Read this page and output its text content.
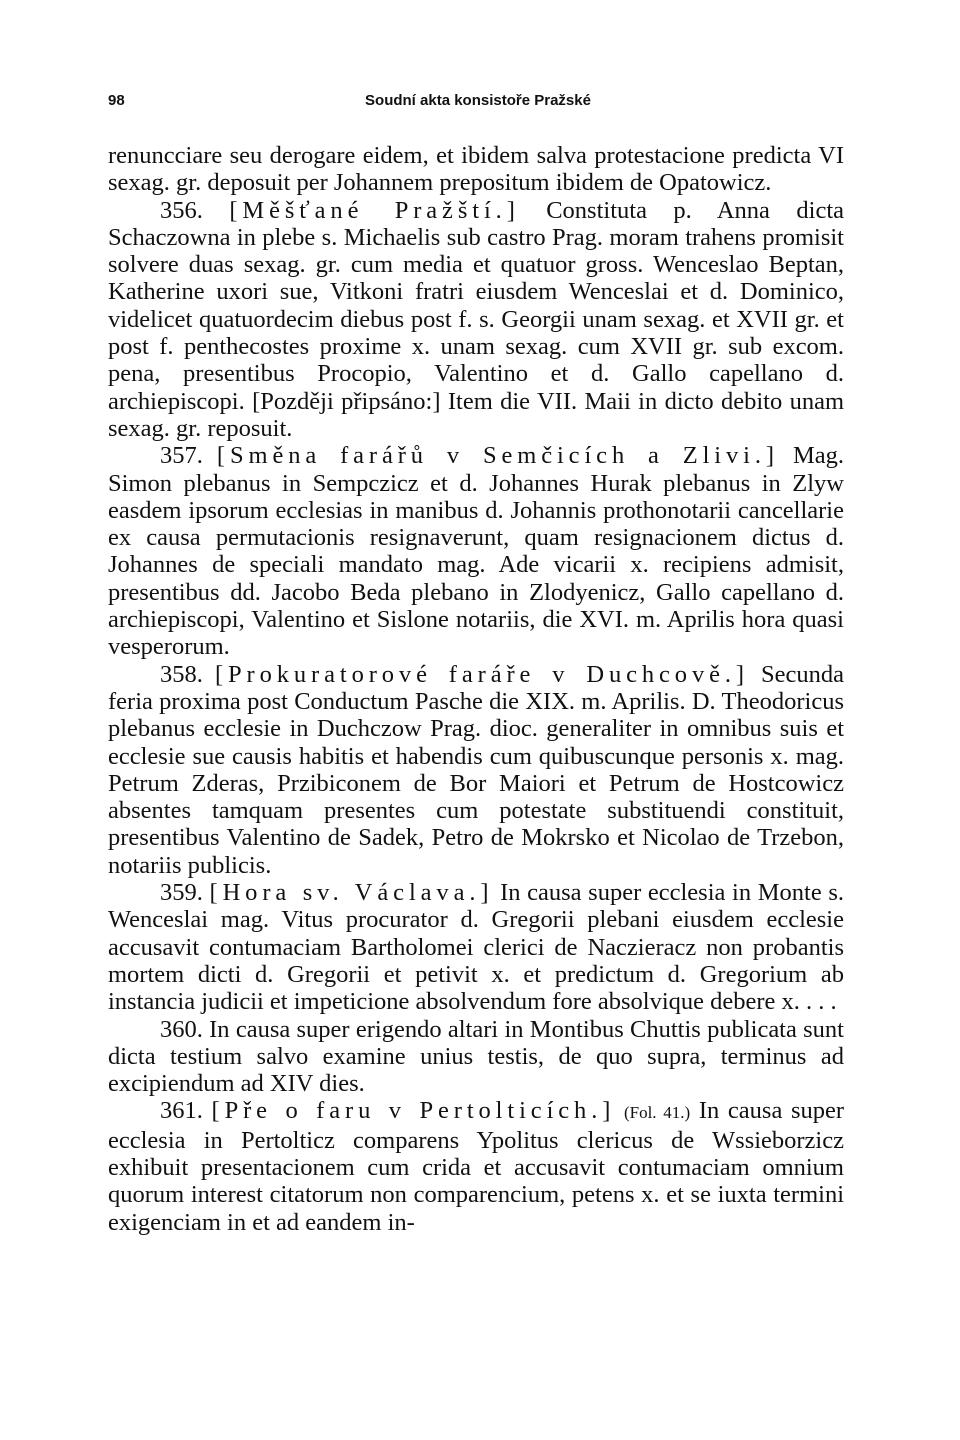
98	Soudní akta konsistoře Pražské

renuncciare seu derogare eidem, et ibidem salva protestacione predicta VI sexag. gr. deposuit per Johannem prepositum ibidem de Opatowicz.

356. [Měšťané Pražští.] Constituta p. Anna dicta Schaczowna in plebe s. Michaelis sub castro Prag. moram trahens promisit solvere duas sexag. gr. cum media et quatuor gross. Wenceslao Beptan, Katherine uxori sue, Vitkoni fratri eiusdem Wenceslai et d. Dominico, videlicet quatuordecim diebus post f. s. Georgii unam sexag. et XVII gr. et post f. penthecostes proxime x. unam sexag. cum XVII gr. sub excom. pena, presentibus Procopio, Valentino et d. Gallo capellano d. archiepiscopi. [Později připsáno:] Item die VII. Maii in dicto debito unam sexag. gr. reposuit.

357. [Směna farářů v Semčicích a Zlivi.] Mag. Simon plebanus in Sempczicz et d. Johannes Hurak plebanus in Zlyw easdem ipsorum ecclesias in manibus d. Johannis prothonotarii cancellarie ex causa permutacionis resignaverunt, quam resignacionem dictus d. Johannes de speciali mandato mag. Ade vicarii x. recipiens admisit, presentibus dd. Jacobo Beda plebano in Zlodyenicz, Gallo capellano d. archiepiscopi, Valentino et Sislone notariis, die XVI. m. Aprilis hora quasi vesperorum.

358. [Prokuratorové faráře v Duchcově.] Secunda feria proxima post Conductum Pasche die XIX. m. Aprilis. D. Theodoricus plebanus ecclesie in Duchczow Prag. dioc. generaliter in omnibus suis et ecclesie sue causis habitis et habendis cum quibuscunque personis x. mag. Petrum Zderas, Przibiconem de Bor Maiori et Petrum de Hostcowicz absentes tamquam presentes cum potestate substituendi constituit, presentibus Valentino de Sadek, Petro de Mokrsko et Nicolao de Trzebon, notariis publicis.

359. [Hora sv. Václava.] In causa super ecclesia in Monte s. Wenceslai mag. Vitus procurator d. Gregorii plebani eiusdem ecclesie accusavit contumaciam Bartholomei clerici de Naczieracz non probantis mortem dicti d. Gregorii et petivit x. et predictum d. Gregorium ab instancia judicii et impeticione absolvendum fore absolvique debere x. . . .

360. In causa super erigendo altari in Montibus Chuttis publicata sunt dicta testium salvo examine unius testis, de quo supra, terminus ad excipiendum ad XIV dies.

361. [Pře o faru v Pertolticích.] (Fol. 41.) In causa super ecclesia in Pertolticz comparens Ypolitus clericus de Wssieborzicz exhibuit presentacionem cum crida et accusavit contumaciam omnium quorum interest citatorum non comparencium, petens x. et se iuxta termini exigenciam in et ad eandem in-
